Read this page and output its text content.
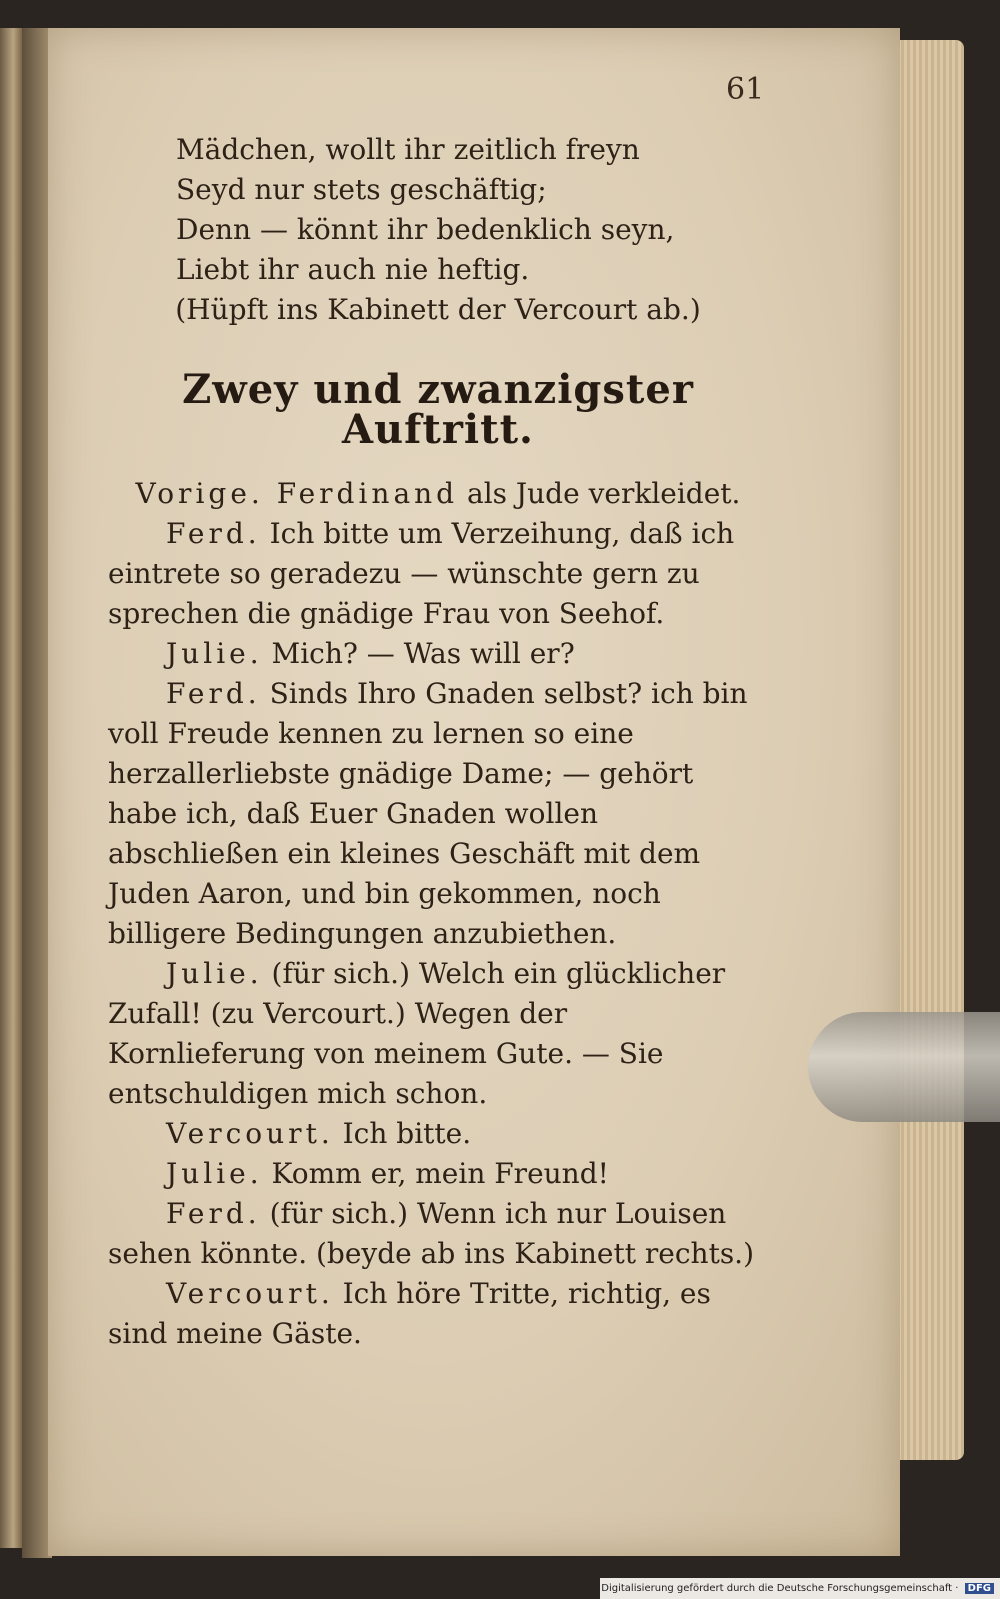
61

Mädchen, wollt ihr zeitlich freyn

Seyd nur stets geschäftig;

Denn — könnt ihr bedenklich seyn,

Liebt ihr auch nie heftig.

(Hüpft ins Kabinett der Vercourt ab.)

Zwey und zwanzigster Auftritt.

Vorige. Ferdinand als Jude verkleidet.

Ferd. Ich bitte um Verzeihung, daß ich eintrete so geradezu — wünschte gern zu sprechen die gnädige Frau von Seehof.

Julie. Mich? — Was will er?

Ferd. Sinds Ihro Gnaden selbst? ich bin voll Freude kennen zu lernen so eine herzallerliebste gnädige Dame; — gehört habe ich, daß Euer Gnaden wollen abschließen ein kleines Geschäft mit dem Juden Aaron, und bin gekommen, noch billigere Bedingungen anzubiethen.

Julie. (für sich.) Welch ein glücklicher Zufall! (zu Vercourt.) Wegen der Kornlieferung von meinem Gute. — Sie entschuldigen mich schon.

Vercourt. Ich bitte.

Julie. Komm er, mein Freund!

Ferd. (für sich.) Wenn ich nur Louisen sehen könnte. (beyde ab ins Kabinett rechts.)

Vercourt. Ich höre Tritte, richtig, es sind meine Gäste.

Digitalisierung gefördert durch die Deutsche Forschungsgemeinschaft · DFG
